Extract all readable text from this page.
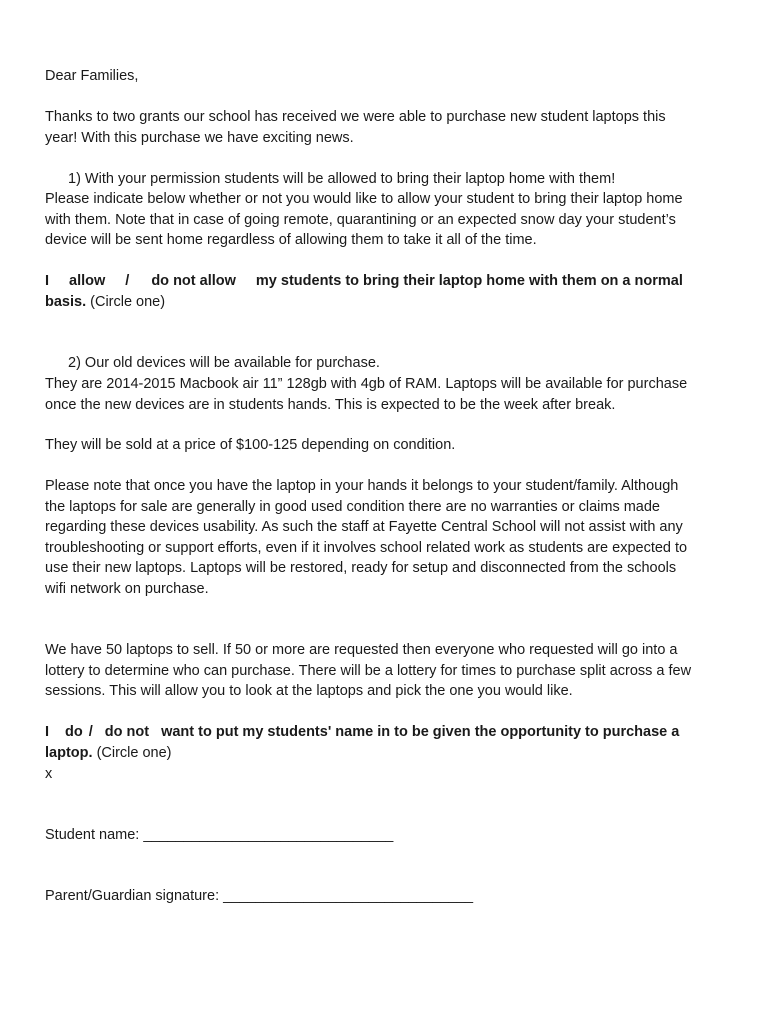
Dear Families,
Thanks to two grants our school has received we were able to purchase new student laptops this
year! With this purchase we have exciting news.
1) With your permission students will be allowed to bring their laptop home with them!
Please indicate below whether or not you would like to allow your student to bring their laptop home
with them. Note that in case of going remote, quarantining or an expected snow day your student’s
device will be sent home regardless of allowing them to take it all of the time.
I allow / do not allow my students to bring their laptop home with them on a normal
basis. (Circle one)
2) Our old devices will be available for purchase.
They are 2014-2015 Macbook air 11” 128gb with 4gb of RAM. Laptops will be available for purchase
once the new devices are in students hands. This is expected to be the week after break.
They will be sold at a price of $100-125 depending on condition.
Please note that once you have the laptop in your hands it belongs to your student/family. Although
the laptops for sale are generally in good used condition there are no warranties or claims made
regarding these devices usability. As such the staff at Fayette Central School will not assist with any
troubleshooting or support efforts, even if it involves school related work as students are expected to
use their new laptops. Laptops will be restored, ready for setup and disconnected from the schools
wifi network on purchase.
We have 50 laptops to sell. If 50 or more are requested then everyone who requested will go into a
lottery to determine who can purchase. There will be a lottery for times to purchase split across a few
sessions. This will allow you to look at the laptops and pick the one you would like.
I do / do not want to put my students' name in to be given the opportunity to purchase a
laptop. (Circle one)
x
Student name: _______________________________
Parent/Guardian signature: _______________________________
